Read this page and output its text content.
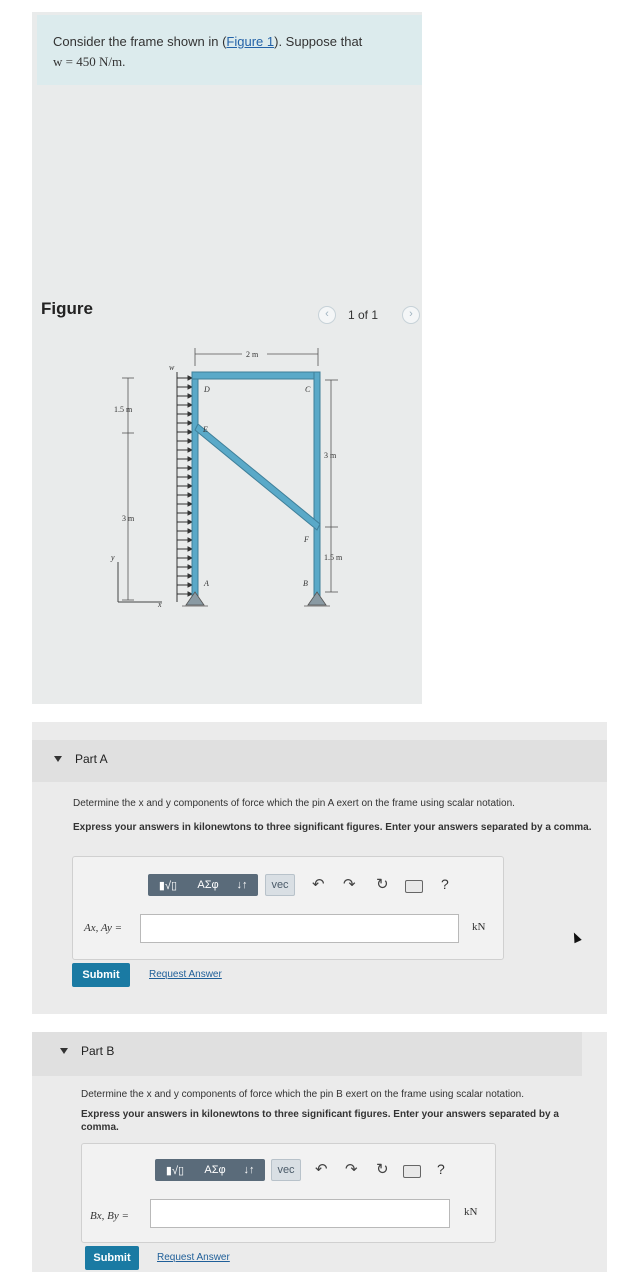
Consider the frame shown in (Figure 1). Suppose that
w = 450 N/m.
Figure	‹	1 of 1	›
w
2 m
1.5 m
3 m
3 m
1.5 m
y
x
D	C
E
F
A	B
Part A
Determine the x and y components of force which the pin A exert on the frame using scalar notation.
Express your answers in kilonewtons to three significant figures. Enter your answers separated by a comma.
▮√▯	ΑΣφ	↓↑	vec	↶ ↷ ↻	?
Ax, Ay =	kN
Submit	Request Answer
Part B
Determine the x and y components of force which the pin B exert on the frame using scalar notation.
Express your answers in kilonewtons to three significant figures. Enter your answers separated by a comma.
▮√▯	ΑΣφ	↓↑	vec	↶ ↷ ↻	?
Bx, By =	kN
Submit	Request Answer
